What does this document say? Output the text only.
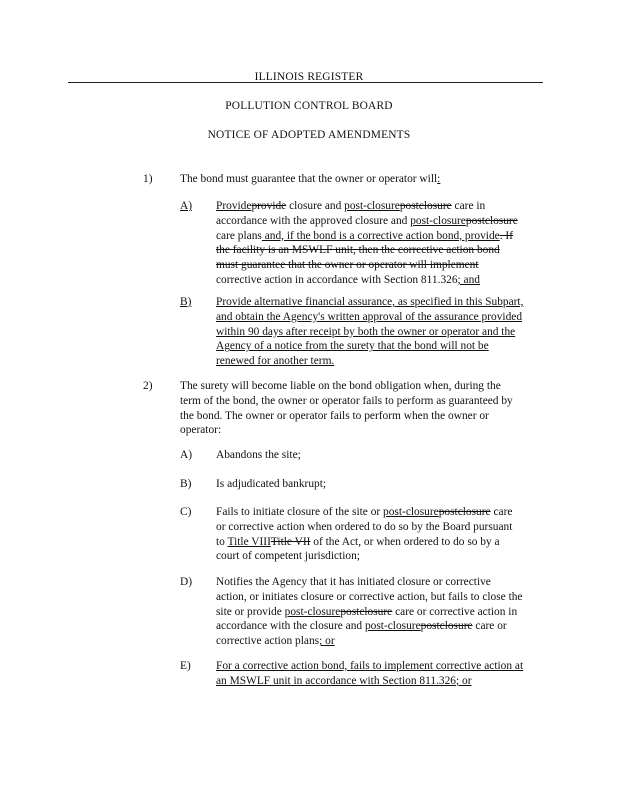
ILLINOIS REGISTER
POLLUTION CONTROL BOARD
NOTICE OF ADOPTED AMENDMENTS
1) The bond must guarantee that the owner or operator will:
A) Provideprovide closure and post-closurepostclosure care in
accordance with the approved closure and post-closurepostclosure
care plans and, if the bond is a corrective action bond, provide. If
the facility is an MSWLF unit, then the corrective action bond
must guarantee that the owner or operator will implement
corrective action in accordance with Section 811.326; and
B) Provide alternative financial assurance, as specified in this Subpart,
and obtain the Agency's written approval of the assurance provided
within 90 days after receipt by both the owner or operator and the
Agency of a notice from the surety that the bond will not be
renewed for another term.
2) The surety will become liable on the bond obligation when, during the
term of the bond, the owner or operator fails to perform as guaranteed by
the bond. The owner or operator fails to perform when the owner or
operator:
A) Abandons the site;
B) Is adjudicated bankrupt;
C) Fails to initiate closure of the site or post-closurepostclosure care
or corrective action when ordered to do so by the Board pursuant
to Title VIIITitle VII of the Act, or when ordered to do so by a
court of competent jurisdiction;
D) Notifies the Agency that it has initiated closure or corrective
action, or initiates closure or corrective action, but fails to close the
site or provide post-closurepostclosure care or corrective action in
accordance with the closure and post-closurepostclosure care or
corrective action plans; or
E) For a corrective action bond, fails to implement corrective action at
an MSWLF unit in accordance with Section 811.326; or
